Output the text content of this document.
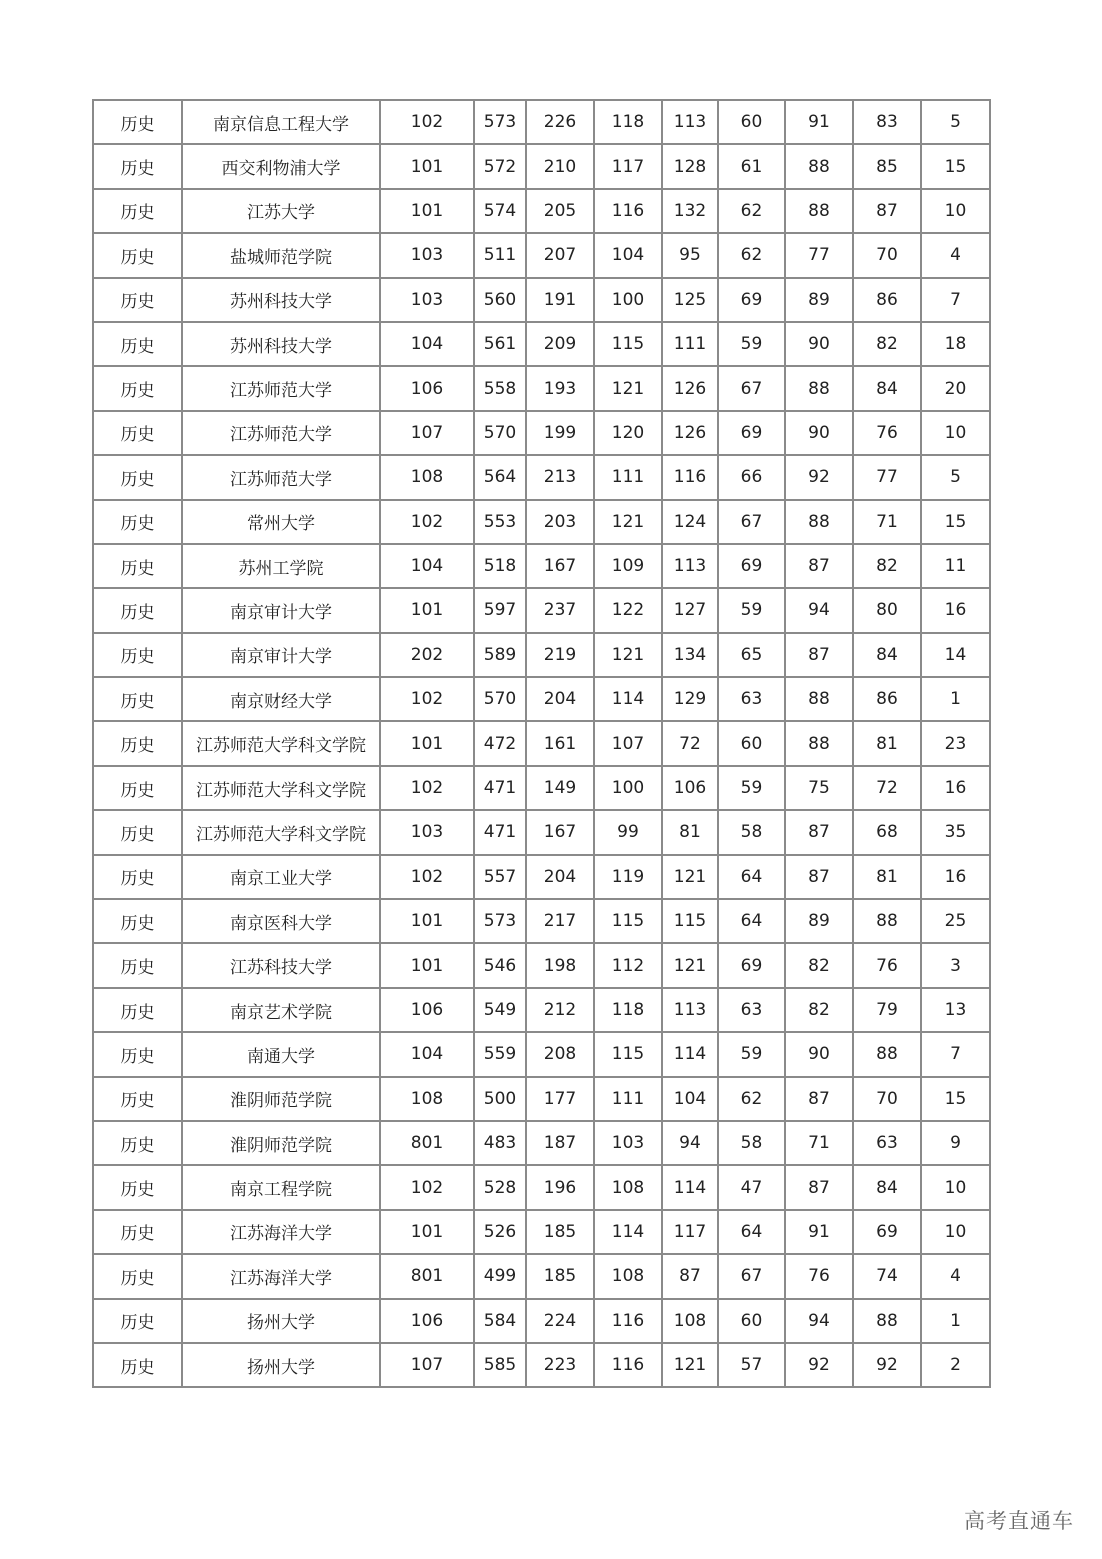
历史	南京信息工程大学	102	573	226	118	113	60	91	83	5
历史	西交利物浦大学	101	572	210	117	128	61	88	85	15
历史	江苏大学	101	574	205	116	132	62	88	87	10
历史	盐城师范学院	103	511	207	104	95	62	77	70	4
历史	苏州科技大学	103	560	191	100	125	69	89	86	7
历史	苏州科技大学	104	561	209	115	111	59	90	82	18
历史	江苏师范大学	106	558	193	121	126	67	88	84	20
历史	江苏师范大学	107	570	199	120	126	69	90	76	10
历史	江苏师范大学	108	564	213	111	116	66	92	77	5
历史	常州大学	102	553	203	121	124	67	88	71	15
历史	苏州工学院	104	518	167	109	113	69	87	82	11
历史	南京审计大学	101	597	237	122	127	59	94	80	16
历史	南京审计大学	202	589	219	121	134	65	87	84	14
历史	南京财经大学	102	570	204	114	129	63	88	86	1
历史	江苏师范大学科文学院	101	472	161	107	72	60	88	81	23
历史	江苏师范大学科文学院	102	471	149	100	106	59	75	72	16
历史	江苏师范大学科文学院	103	471	167	99	81	58	87	68	35
历史	南京工业大学	102	557	204	119	121	64	87	81	16
历史	南京医科大学	101	573	217	115	115	64	89	88	25
历史	江苏科技大学	101	546	198	112	121	69	82	76	3
历史	南京艺术学院	106	549	212	118	113	63	82	79	13
历史	南通大学	104	559	208	115	114	59	90	88	7
历史	淮阴师范学院	108	500	177	111	104	62	87	70	15
历史	淮阴师范学院	801	483	187	103	94	58	71	63	9
历史	南京工程学院	102	528	196	108	114	47	87	84	10
历史	江苏海洋大学	101	526	185	114	117	64	91	69	10
历史	江苏海洋大学	801	499	185	108	87	67	76	74	4
历史	扬州大学	106	584	224	116	108	60	94	88	1
历史	扬州大学	107	585	223	116	121	57	92	92	2
高考直通车
